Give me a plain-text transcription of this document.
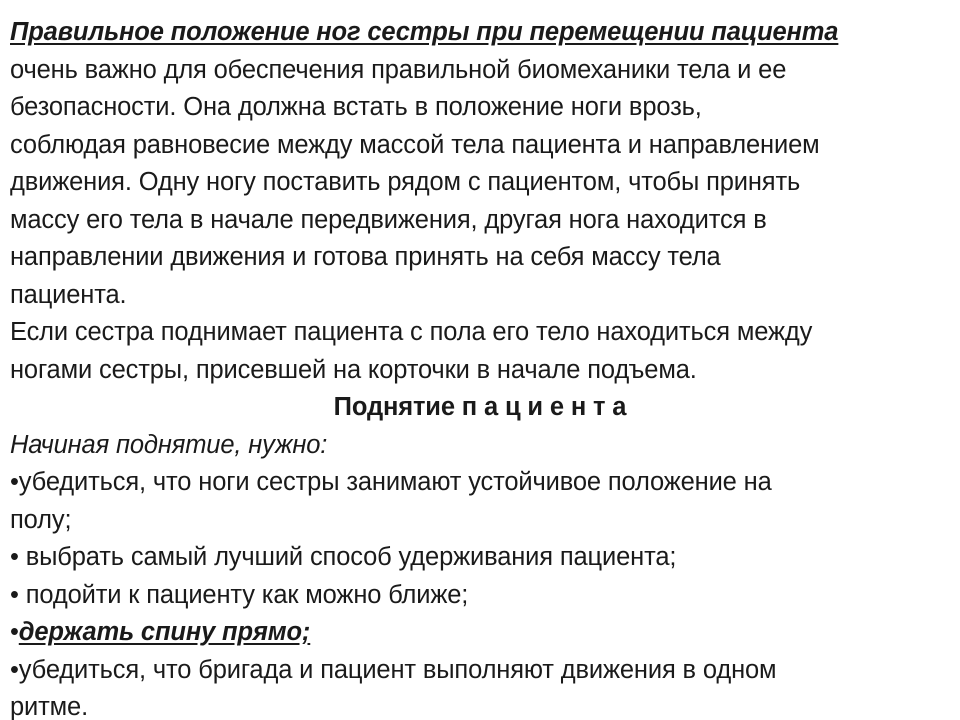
Правильное положение ног сестры при перемещении пациента
очень важно для обеспечения правильной биомеханики тела и ее
безопасности. Она должна встать в положение ноги врозь,
соблюдая равновесие между массой тела пациента и направлением
движения. Одну ногу поставить рядом с пациентом, чтобы принять
массу его тела в начале передвижения, другая нога находится в
направлении движения и готова принять на себя массу тела
пациента.
Если сестра поднимает пациента с пола его тело находиться между
ногами сестры, присевшей на корточки в начале подъема.
Поднятие п а ц и е н т а
Начиная поднятие, нужно:
•убедиться, что ноги сестры занимают устойчивое положение на
полу;
• выбрать самый лучший способ удерживания пациента;
• подойти к пациенту как можно ближе;
•держать спину прямо;
•убедиться, что бригада и пациент выполняют движения в одном
ритме.
